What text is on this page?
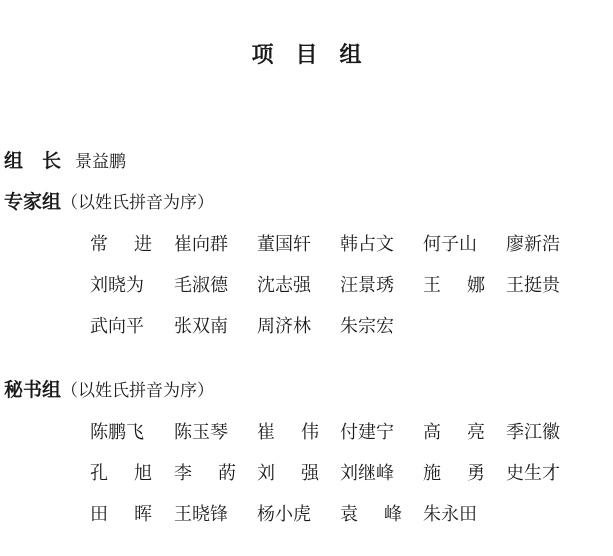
项 目 组
组　长 景益鹏
专家组（以姓氏拼音为序）
常 进 崔向群 董国轩 韩占文 何子山 廖新浩
刘晓为 毛淑德 沈志强 汪景琇 王 娜 王挺贵
武向平 张双南 周济林 朱宗宏
秘书组（以姓氏拼音为序）
陈鹏飞 陈玉琴 崔 伟 付建宁 高 亮 季江徽
孔 旭 李 菂 刘 强 刘继峰 施 勇 史生才
田 晖 王晓锋 杨小虎 袁 峰 朱永田
